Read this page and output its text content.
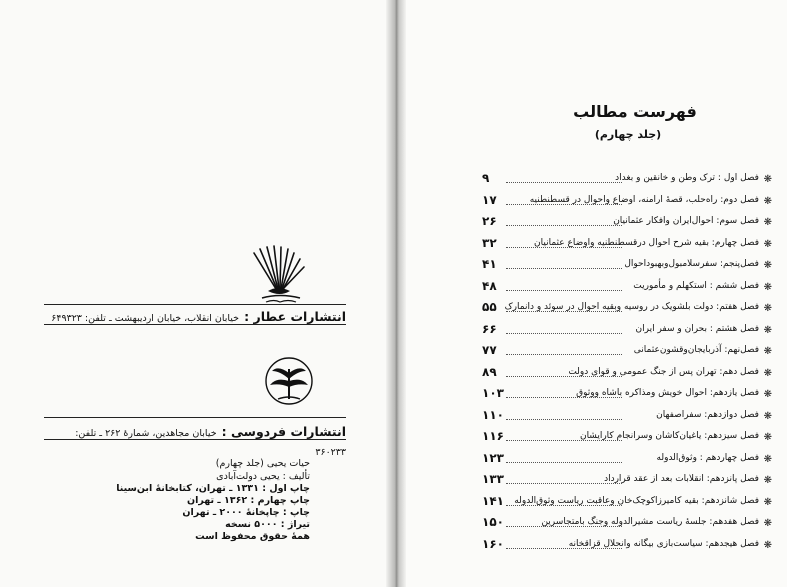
انتشارات عطار : خیابان انقلاب، خیابان اردیبهشت ـ تلفن: ۶۴۹۳۲۳
انتشارات فردوسی : خیابان مجاهدین، شمارهٔ ۲۶۲ ـ تلفن: ۳۶۰۲۳۳
حیات یحیی (جلد چهارم)
تألیف : یحیی دولت‌آبادی
چاپ اول : ۱۳۳۱ ـ تهران، کتابخانهٔ ابن‌سینا
چاپ چهارم : ۱۳۶۲ ـ تهران
چاپ : چاپخانهٔ ۲۰۰۰ ـ تهران
تیراژ : ۵۰۰۰ نسخه
همهٔ حقوق محفوظ است
فهرست مطالب
(جلد چهارم)
❋
فصل اول : ترک وطن و خانقین و بغداد
۹
❋
فصل دوم: راه‌حلب، قصهٔ ارامنه، اوضاع واحوال در قسطنطنیه
۱۷
❋
فصل سوم: احوال‌ایران وافکار عثمانیان
۲۶
❋
فصل چهارم: بقیه شرح احوال درقسطنطنیه واوضاع عثمانیان
۳۲
❋
فصل‌پنجم: سفرسلامبول‌وبهبوداحوال
۴۱
❋
فصل ششم : استکهلم و مأموریت
۴۸
❋
فصل هفتم: دولت بلشویک در روسیه وبقیه احوال در سوئد و دانمارک
۵۵
❋
فصل هشتم : بحران و سفر ایران
۶۶
❋
فصل‌نهم: آذربایجان‌وقشون‌عثمانی
۷۷
❋
فصل دهم: تهران پس از جنگ عمومی و قوای دولت
۸۹
❋
فصل یازدهم: احوال خویش ومذاکره باشاه ووثوق
۱۰۳
❋
فصل دوازدهم: سفراصفهان
۱۱۰
❋
فصل سیزدهم: یاغیان‌کاشان وسرانجام کارایشان
۱۱۶
❋
فصل چهاردهم : وثوق‌الدوله
۱۲۳
❋
فصل پانزدهم: انقلابات بعد از عقد قرارداد
۱۳۳
❋
فصل شانزدهم: بقیه کامیرزاکوچک‌خان وعاقبت ریاست وثوق‌الدوله
۱۴۱
❋
فصل هفدهم: جلسهٔ ریاست مشیرالدوله وجنگ بامتجاسرین
۱۵۰
❋
فصل هیجدهم: سیاست‌بازی بیگانه وانحلال قزاقخانه
۱۶۰
